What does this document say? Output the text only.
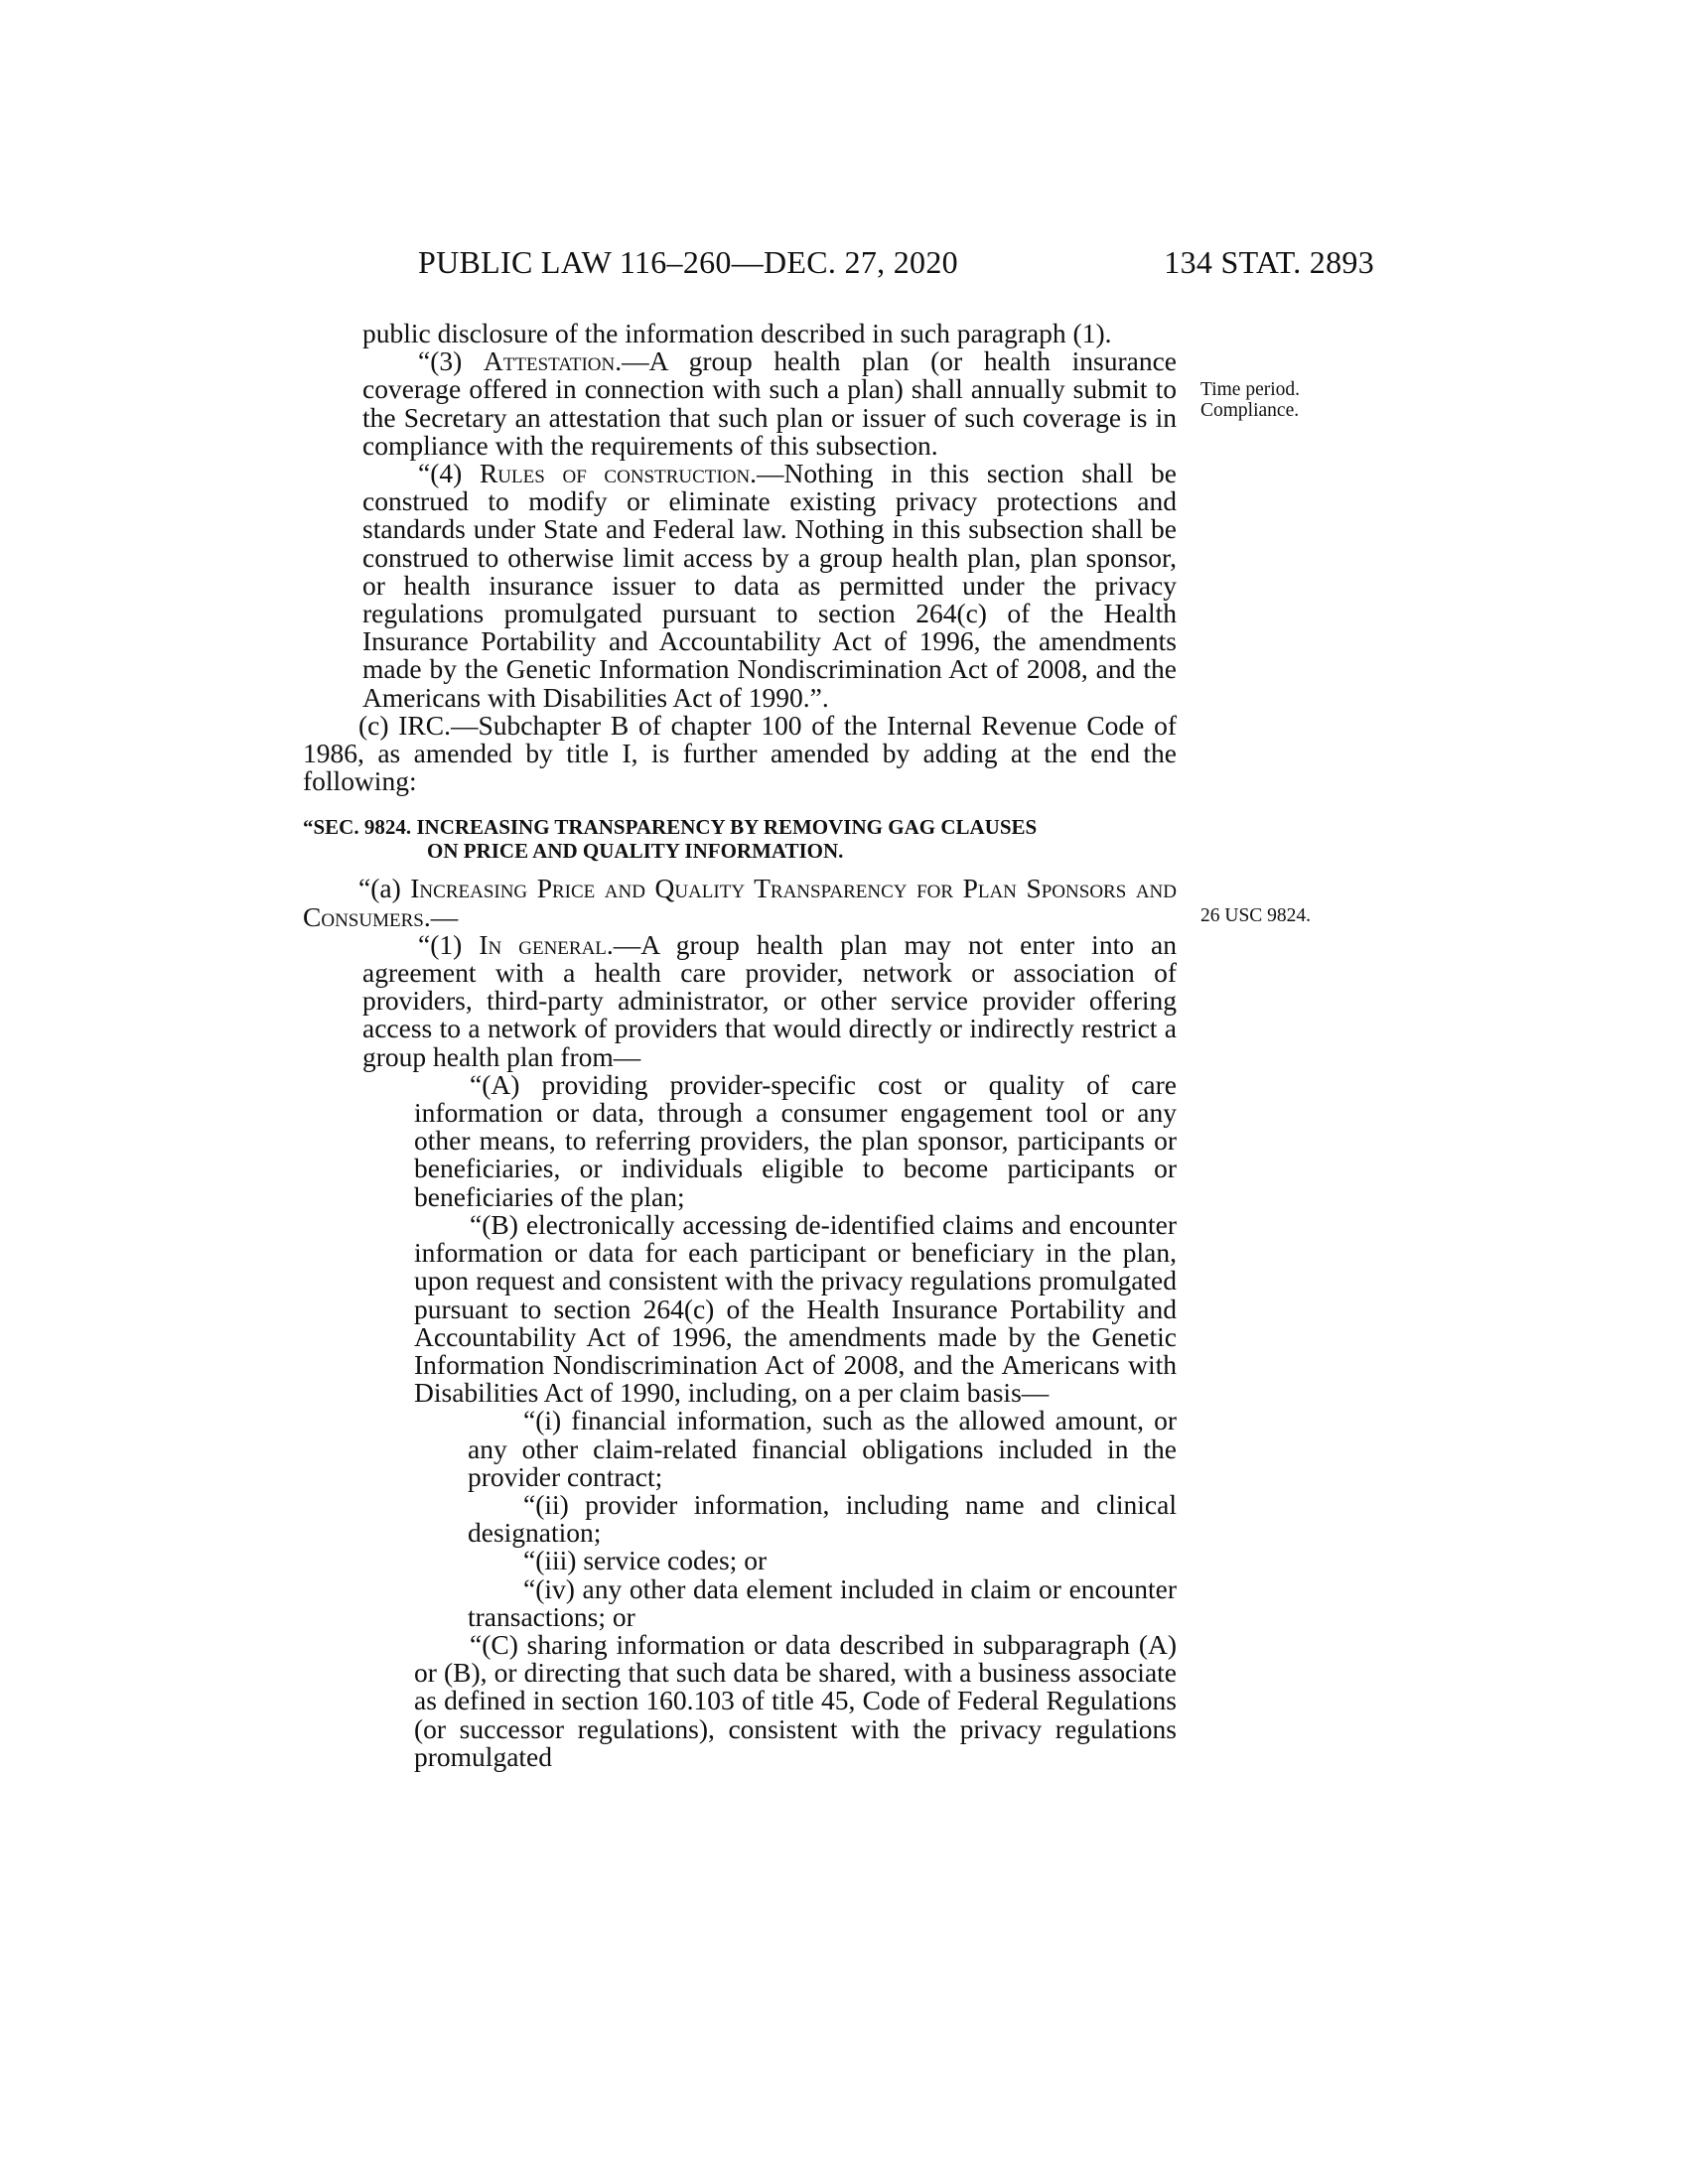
PUBLIC LAW 116–260—DEC. 27, 2020	134 STAT. 2893
Time period.
Compliance.
26 USC 9824.

public disclosure of the information described in such paragraph (1).

“(3) Attestation.—A group health plan (or health insurance coverage offered in connection with such a plan) shall annually submit to the Secretary an attestation that such plan or issuer of such coverage is in compliance with the requirements of this subsection.

“(4) Rules of construction.—Nothing in this section shall be construed to modify or eliminate existing privacy protections and standards under State and Federal law. Nothing in this subsection shall be construed to otherwise limit access by a group health plan, plan sponsor, or health insurance issuer to data as permitted under the privacy regulations promulgated pursuant to section 264(c) of the Health Insurance Portability and Accountability Act of 1996, the amendments made by the Genetic Information Nondiscrimination Act of 2008, and the Americans with Disabilities Act of 1990.”.

(c) IRC.—Subchapter B of chapter 100 of the Internal Revenue Code of 1986, as amended by title I, is further amended by adding at the end the following:

“SEC. 9824. INCREASING TRANSPARENCY BY REMOVING GAG CLAUSES
ON PRICE AND QUALITY INFORMATION.

“(a) Increasing Price and Quality Transparency for Plan Sponsors and Consumers.—

“(1) In general.—A group health plan may not enter into an agreement with a health care provider, network or association of providers, third-party administrator, or other service provider offering access to a network of providers that would directly or indirectly restrict a group health plan from—

“(A) providing provider-specific cost or quality of care information or data, through a consumer engagement tool or any other means, to referring providers, the plan sponsor, participants or beneficiaries, or individuals eligible to become participants or beneficiaries of the plan;

“(B) electronically accessing de-identified claims and encounter information or data for each participant or beneficiary in the plan, upon request and consistent with the privacy regulations promulgated pursuant to section 264(c) of the Health Insurance Portability and Accountability Act of 1996, the amendments made by the Genetic Information Nondiscrimination Act of 2008, and the Americans with Disabilities Act of 1990, including, on a per claim basis—

“(i) financial information, such as the allowed amount, or any other claim-related financial obligations included in the provider contract;

“(ii) provider information, including name and clinical designation;

“(iii) service codes; or

“(iv) any other data element included in claim or encounter transactions; or

“(C) sharing information or data described in subparagraph (A) or (B), or directing that such data be shared, with a business associate as defined in section 160.103 of title 45, Code of Federal Regulations (or successor regulations), consistent with the privacy regulations promulgated
